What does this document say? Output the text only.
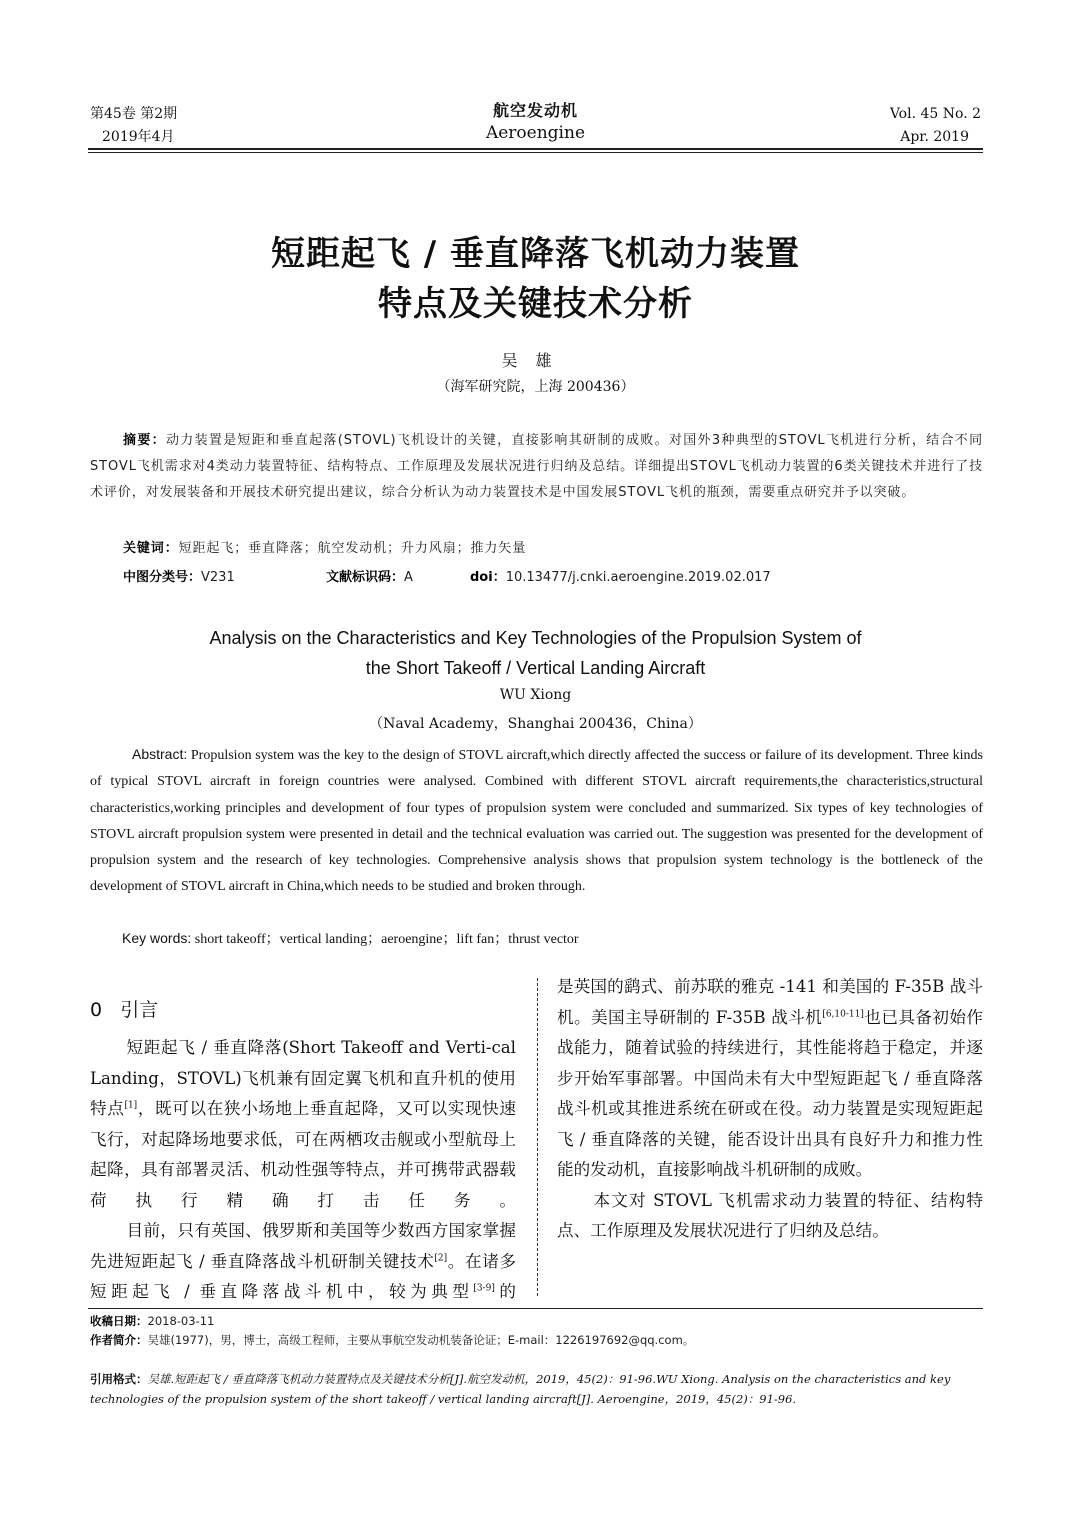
第45卷 第2期
2019年4月
航空发动机
Aeroengine
Vol. 45 No. 2
Apr. 2019
短距起飞 / 垂直降落飞机动力装置
特点及关键技术分析
吴雄
（海军研究院，上海 200436）
摘要：动力装置是短距和垂直起落(STOVL)飞机设计的关键，直接影响其研制的成败。对国外3种典型的STOVL飞机进行分析，结合不同STOVL飞机需求对4类动力装置特征、结构特点、工作原理及发展状况进行归纳及总结。详细提出STOVL飞机动力装置的6类关键技术并进行了技术评价，对发展装备和开展技术研究提出建议，综合分析认为动力装置技术是中国发展STOVL飞机的瓶颈，需要重点研究并予以突破。
关键词：短距起飞；垂直降落；航空发动机；升力风扇；推力矢量
中图分类号：V231	文献标识码：A	doi：10.13477/j.cnki.aeroengine.2019.02.017
Analysis on the Characteristics and Key Technologies of the Propulsion System of
the Short Takeoff / Vertical Landing Aircraft
WU Xiong
（Naval Academy，Shanghai 200436，China）
Abstract: Propulsion system was the key to the design of STOVL aircraft,which directly affected the success or failure of its development. Three kinds of typical STOVL aircraft in foreign countries were analysed. Combined with different STOVL aircraft requirements,the characteristics,structural characteristics,working principles and development of four types of propulsion system were concluded and summarized. Six types of key technologies of STOVL aircraft propulsion system were presented in detail and the technical evaluation was carried out. The suggestion was presented for the development of propulsion system and the research of key technologies. Comprehensive analysis shows that propulsion system technology is the bottleneck of the development of STOVL aircraft in China,which needs to be studied and broken through.
Key words: short takeoff；vertical landing；aeroengine；lift fan；thrust vector
0   引言

短距起飞 / 垂直降落(Short Takeoff and Verti-cal Landing，STOVL)飞机兼有固定翼飞机和直升机的使用特点[1]，既可以在狭小场地上垂直起降，又可以实现快速飞行，对起降场地要求低，可在两栖攻击舰或小型航母上起降，具有部署灵活、机动性强等特点，并可携带武器载荷执行精确打击任务。

目前，只有英国、俄罗斯和美国等少数西方国家掌握先进短距起飞 / 垂直降落战斗机研制关键技术[2]。在诸多短距起飞 / 垂直降落战斗机中，较为典型[3-9]的

是英国的鹞式、前苏联的雅克 -141 和美国的 F-35B 战斗机。美国主导研制的 F-35B 战斗机[6,10-11]也已具备初始作战能力，随着试验的持续进行，其性能将趋于稳定，并逐步开始军事部署。中国尚未有大中型短距起飞 / 垂直降落战斗机或其推进系统在研或在役。动力装置是实现短距起飞 / 垂直降落的关键，能否设计出具有良好升力和推力性能的发动机，直接影响战斗机研制的成败。

本文对 STOVL 飞机需求动力装置的特征、结构特点、工作原理及发展状况进行了归纳及总结。

收稿日期：2018-03-11
作者简介：吴雄(1977)，男，博士，高级工程师，主要从事航空发动机装备论证；E-mail：1226197692@qq.com。
引用格式：吴雄.短距起飞 / 垂直降落飞机动力装置特点及关键技术分析[J].航空发动机，2019，45(2)：91-96.WU Xiong. Analysis on the characteristics and key technologies of the propulsion system of the short takeoff / vertical landing aircraft[J]. Aeroengine，2019，45(2)：91-96.
